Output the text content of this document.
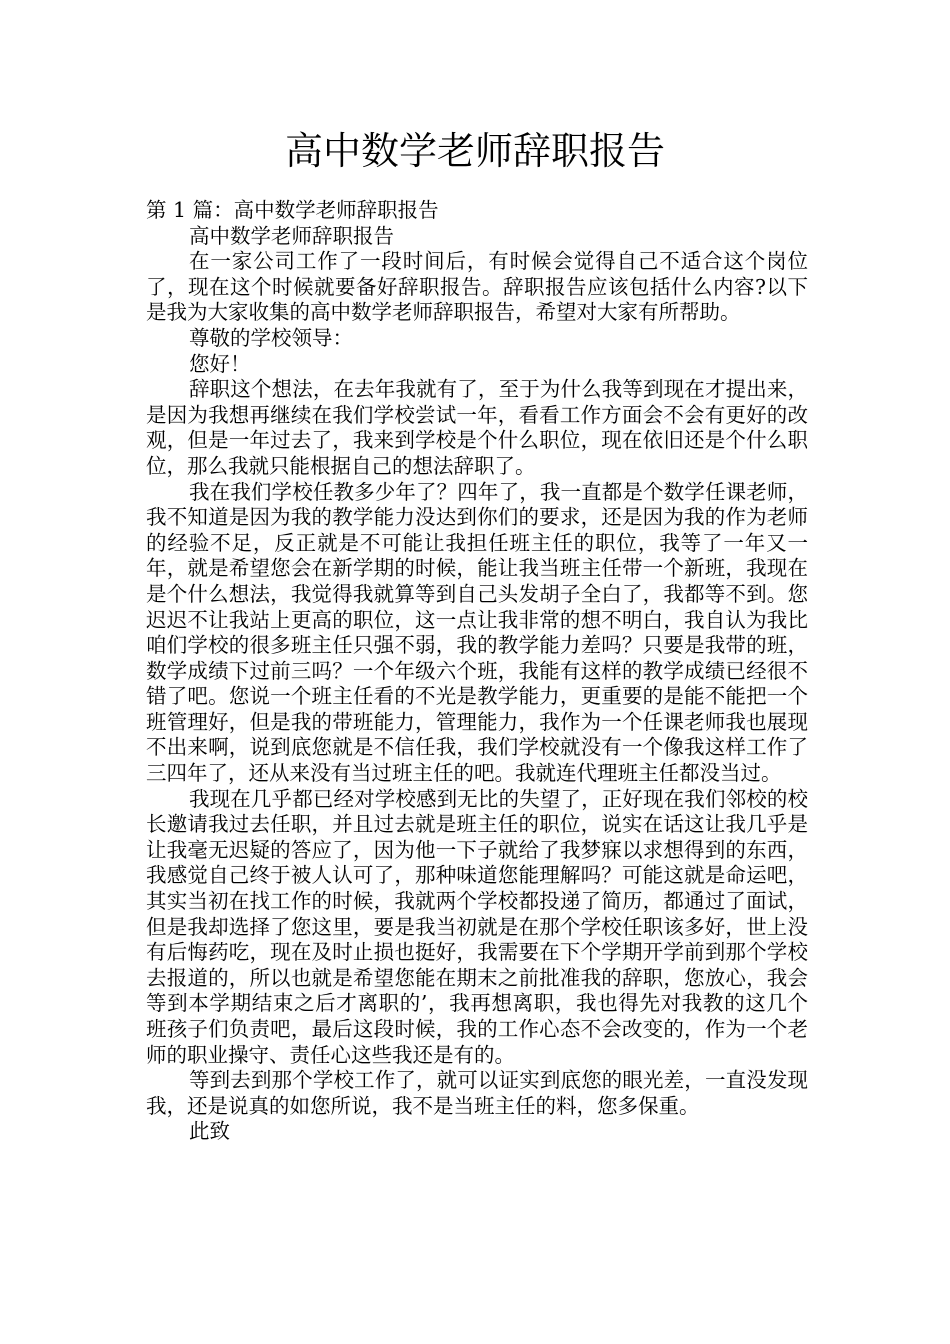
高中数学老师辞职报告

第 1 篇：高中数学老师辞职报告

高中数学老师辞职报告

在一家公司工作了一段时间后，有时候会觉得自己不适合这个岗位了，现在这个时候就要备好辞职报告。辞职报告应该包括什么内容?以下是我为大家收集的高中数学老师辞职报告，希望对大家有所帮助。

尊敬的学校领导：

您好！

辞职这个想法，在去年我就有了，至于为什么我等到现在才提出来，是因为我想再继续在我们学校尝试一年，看看工作方面会不会有更好的改观，但是一年过去了，我来到学校是个什么职位，现在依旧还是个什么职位，那么我就只能根据自己的想法辞职了。

我在我们学校任教多少年了？四年了，我一直都是个数学任课老师，我不知道是因为我的教学能力没达到你们的要求，还是因为我的作为老师的经验不足，反正就是不可能让我担任班主任的职位，我等了一年又一年，就是希望您会在新学期的时候，能让我当班主任带一个新班，我现在是个什么想法，我觉得我就算等到自己头发胡子全白了，我都等不到。您迟迟不让我站上更高的职位，这一点让我非常的想不明白，我自认为我比咱们学校的很多班主任只强不弱，我的教学能力差吗？只要是我带的班，数学成绩下过前三吗？一个年级六个班，我能有这样的教学成绩已经很不错了吧。您说一个班主任看的不光是教学能力，更重要的是能不能把一个班管理好，但是我的带班能力，管理能力，我作为一个任课老师我也展现不出来啊，说到底您就是不信任我，我们学校就没有一个像我这样工作了三四年了，还从来没有当过班主任的吧。我就连代理班主任都没当过。

我现在几乎都已经对学校感到无比的失望了，正好现在我们邻校的校长邀请我过去任职，并且过去就是班主任的职位，说实在话这让我几乎是让我毫无迟疑的答应了，因为他一下子就给了我梦寐以求想得到的东西，我感觉自己终于被人认可了，那种味道您能理解吗？可能这就是命运吧，其实当初在找工作的时候，我就两个学校都投递了简历，都通过了面试，但是我却选择了您这里，要是我当初就是在那个学校任职该多好，世上没有后悔药吃，现在及时止损也挺好，我需要在下个学期开学前到那个学校去报道的，所以也就是希望您能在期末之前批准我的辞职，您放心，我会等到本学期结束之后才离职的’，我再想离职，我也得先对我教的这几个班孩子们负责吧，最后这段时候，我的工作心态不会改变的，作为一个老师的职业操守、责任心这些我还是有的。

等到去到那个学校工作了，就可以证实到底您的眼光差，一直没发现我，还是说真的如您所说，我不是当班主任的料，您多保重。

此致
